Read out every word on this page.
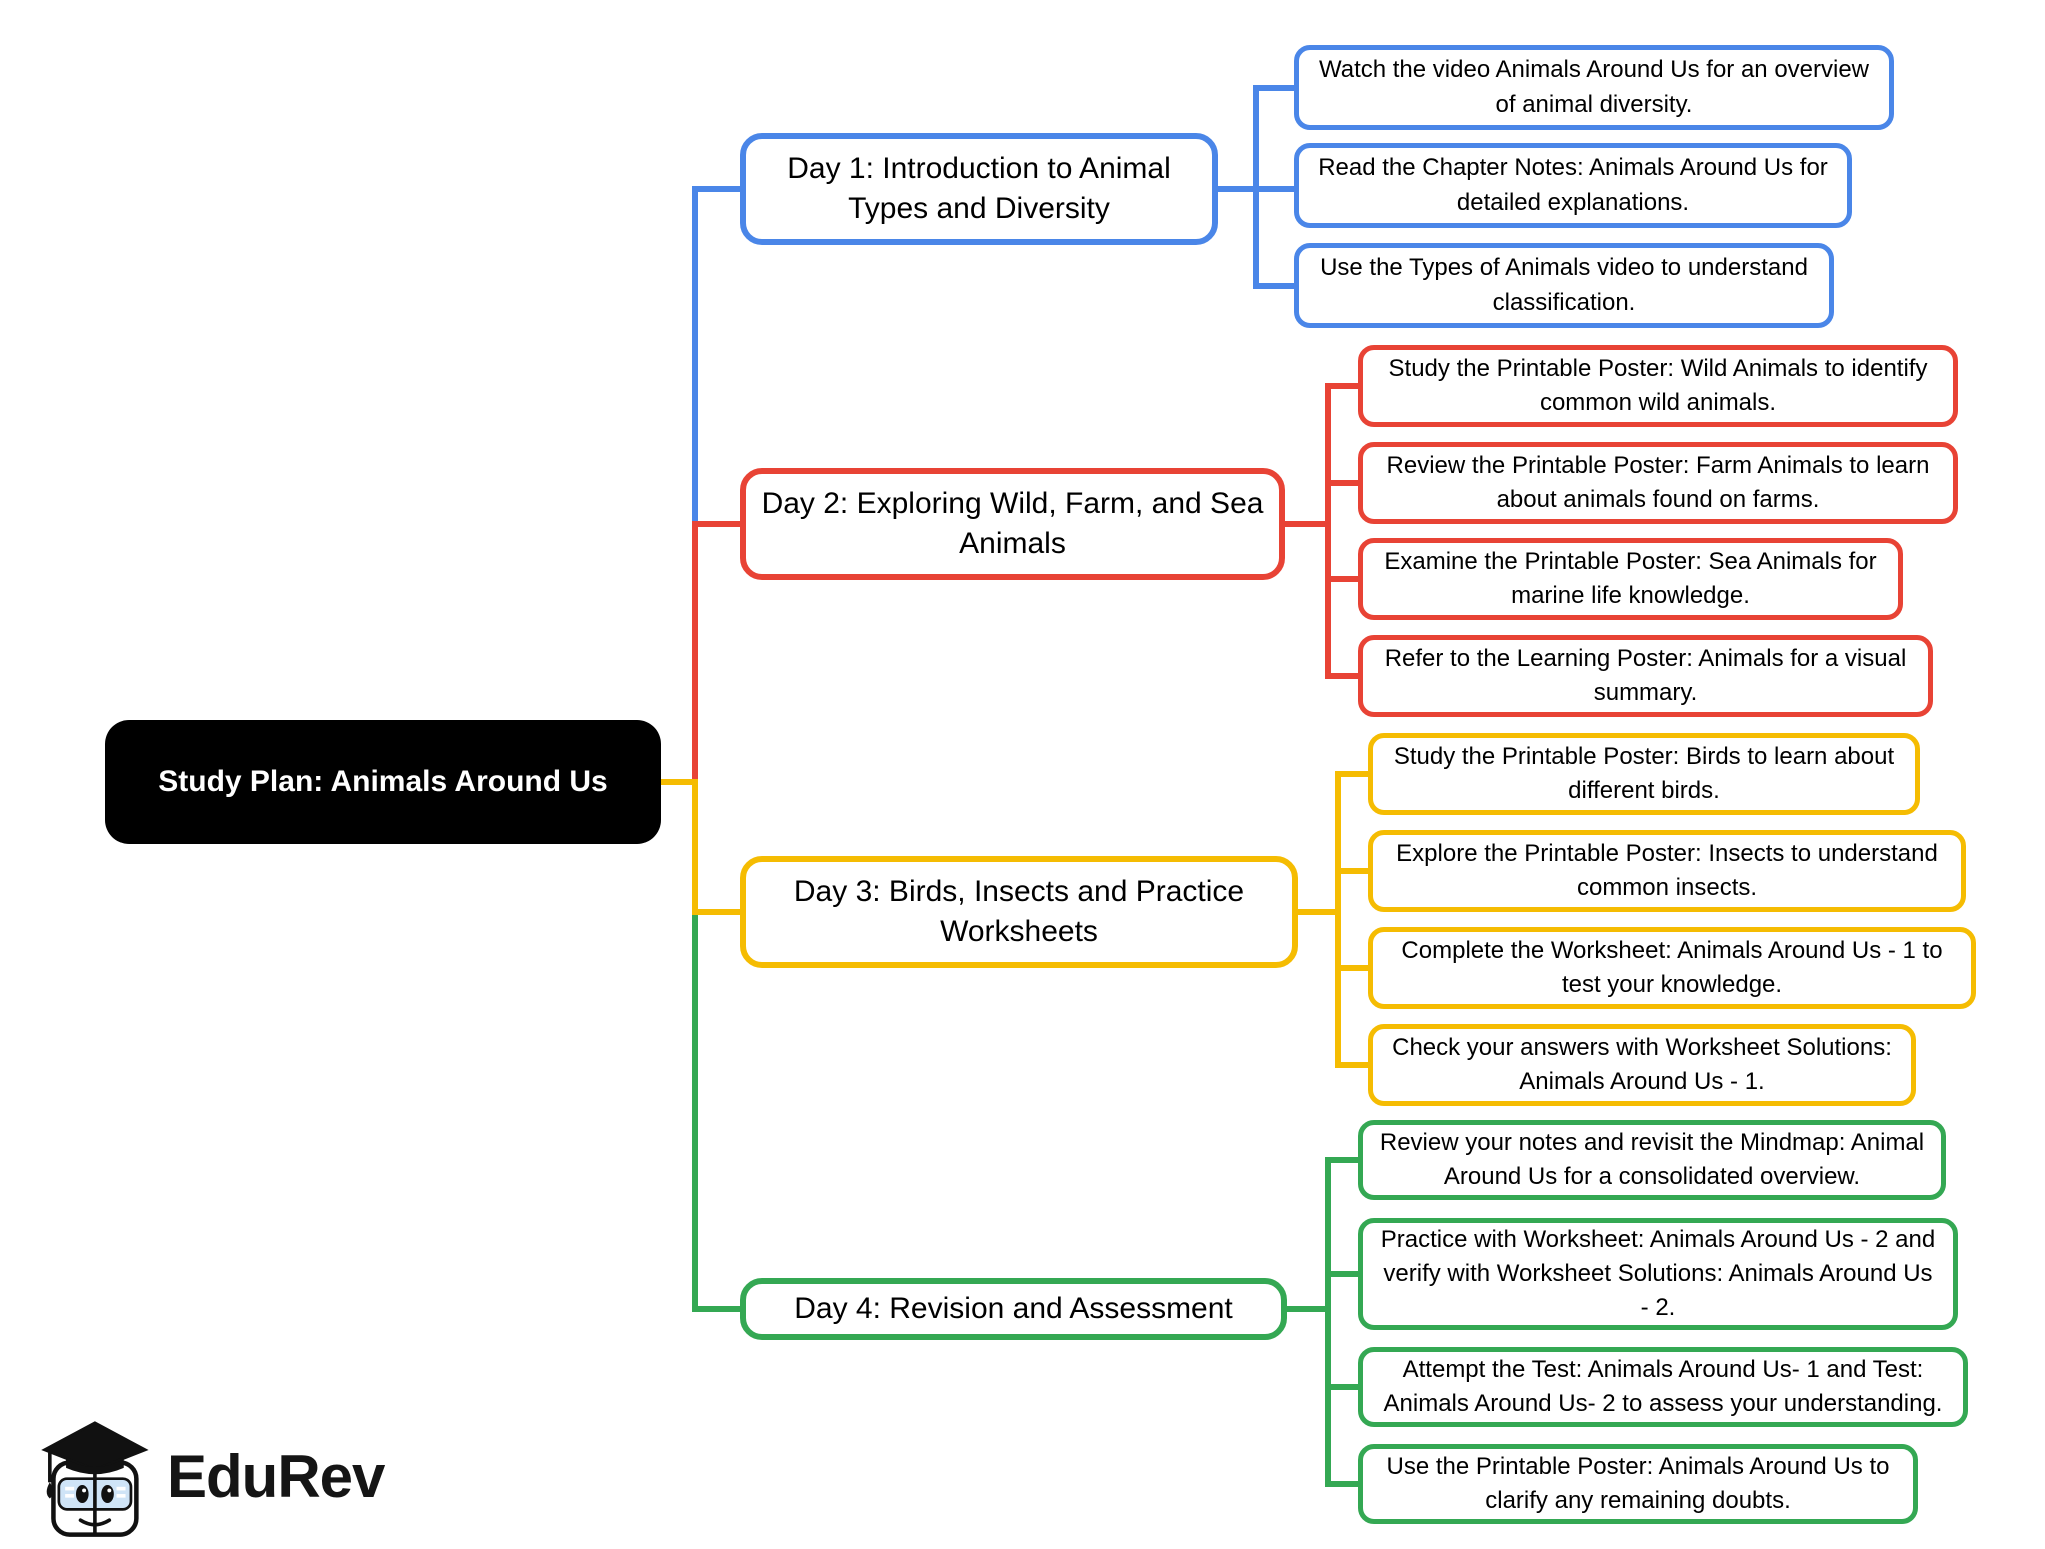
Study Plan: Animals Around Us
Day 1: Introduction to Animal Types and Diversity
Day 2: Exploring Wild, Farm, and Sea Animals
Day 3: Birds, Insects and Practice Worksheets
Day 4: Revision and Assessment
Watch the video Animals Around Us for an overview of animal diversity.
Read the Chapter Notes: Animals Around Us for detailed explanations.
Use the Types of Animals video to understand classification.
Study the Printable Poster: Wild Animals to identify common wild animals.
Review the Printable Poster: Farm Animals to learn about animals found on farms.
Examine the Printable Poster: Sea Animals for marine life knowledge.
Refer to the Learning Poster: Animals for a visual summary.
Study the Printable Poster: Birds to learn about different birds.
Explore the Printable Poster: Insects to understand common insects.
Complete the Worksheet: Animals Around Us - 1 to test your knowledge.
Check your answers with Worksheet Solutions: Animals Around Us - 1.
Review your notes and revisit the Mindmap: Animal Around Us for a consolidated overview.
Practice with Worksheet: Animals Around Us - 2 and verify with Worksheet Solutions: Animals Around Us - 2.
Attempt the Test: Animals Around Us- 1 and Test: Animals Around Us- 2 to assess your understanding.
Use the Printable Poster: Animals Around Us to clarify any remaining doubts.
EduRev
